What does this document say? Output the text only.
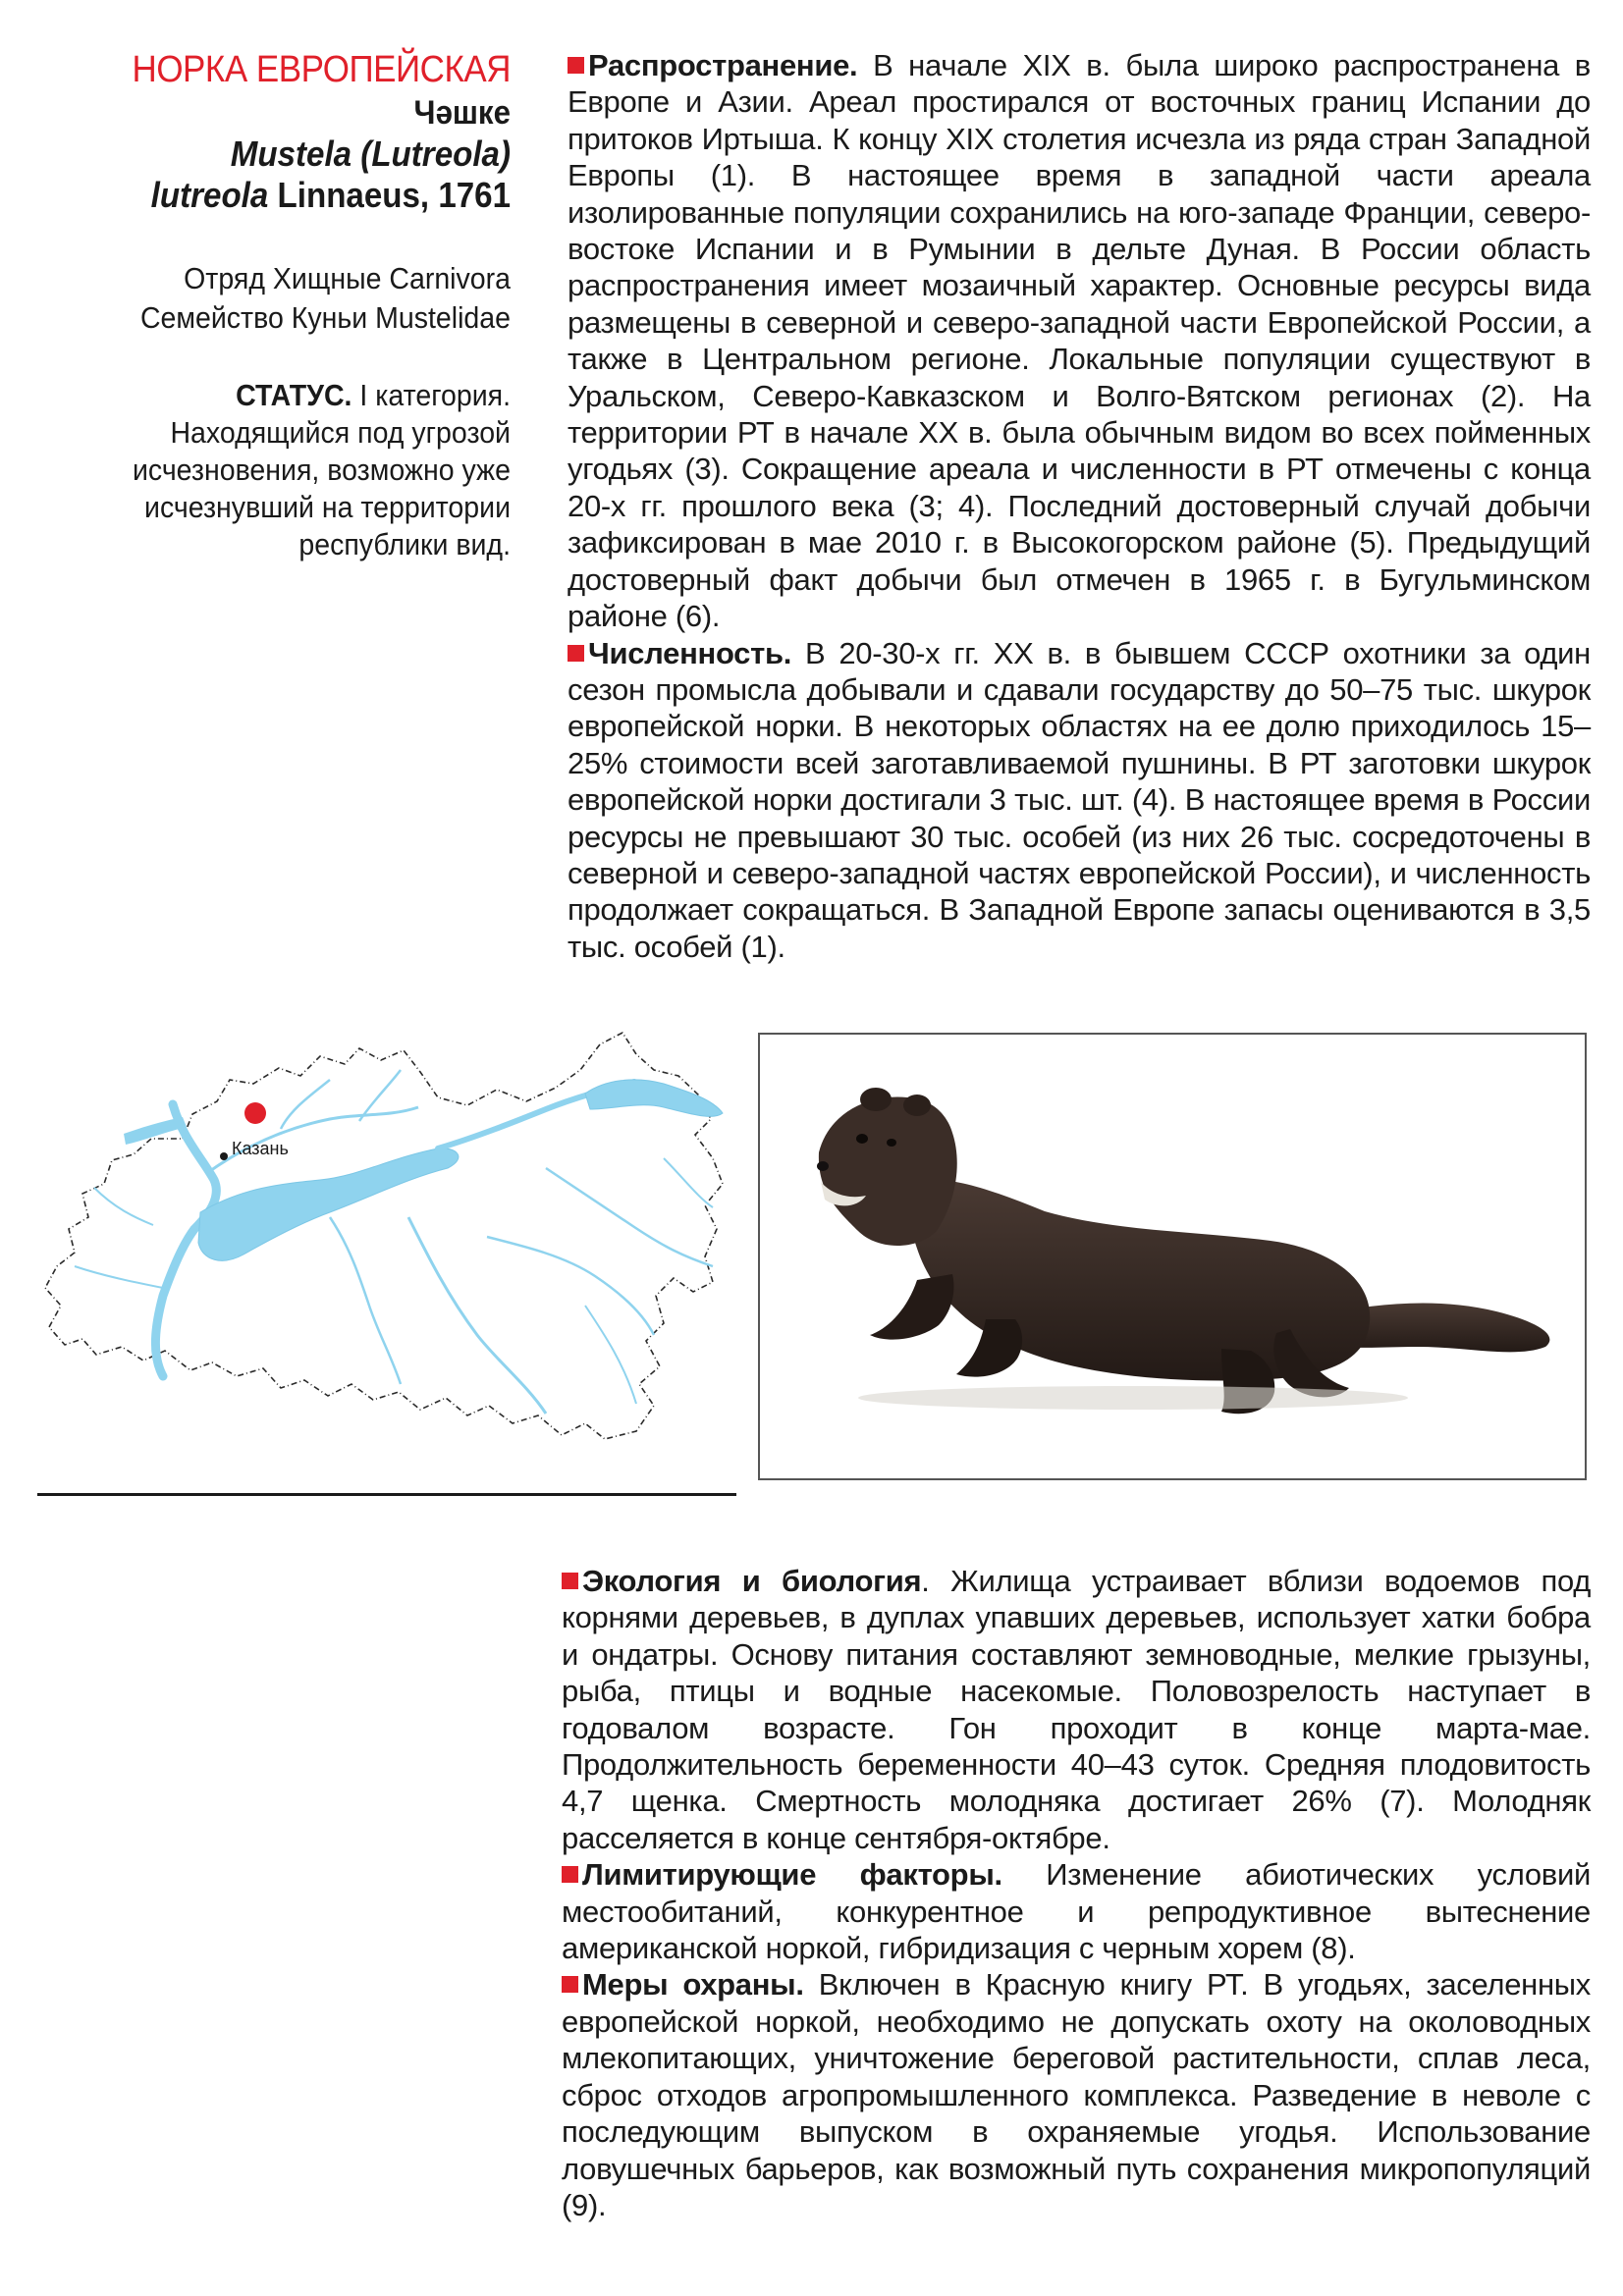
НОРКА ЕВРОПЕЙСКАЯ
Чәшке
Mustela (Lutreola)
lutreola Linnaeus, 1761
Отряд Хищные Carnivora
Семейство Куньи Mustelidae
СТАТУС. I категория.
Находящийся под угрозой исчезновения, возможно уже исчезнувший на территории республики вид.

Распространение. В начале XIX в. была широко распространена в Европе и Азии. Ареал простирался от восточных границ Испании до притоков Иртыша. К концу XIX столетия исчезла из ряда стран Западной Европы (1). В настоящее время в западной части ареала изолированные популяции сохранились на юго-западе Франции, северо-востоке Испании и в Румынии в дельте Дуная. В России область распространения имеет мозаичный характер. Основные ресурсы вида размещены в северной и северо-западной части Европейской России, а также в Центральном регионе. Локальные популяции существуют в Уральском, Северо-Кавказском и Волго-Вятском регионах (2). На территории РТ в начале XX в. была обычным видом во всех пойменных угодьях (3). Сокращение ареала и численности в РТ отмечены с конца 20-х гг. прошлого века (3; 4). Последний достоверный случай добычи зафиксирован в мае 2010 г. в Высокогорском районе (5). Предыдущий достоверный факт добычи был отмечен в 1965 г. в Бугульминском районе (6).

Численность. В 20-30-х гг. XX в. в бывшем СССР охотники за один сезон промысла добывали и сдавали государству до 50–75 тыс. шкурок европейской норки. В некоторых областях на ее долю приходилось 15–25% стоимости всей заготавливаемой пушнины. В РТ заготовки шкурок европейской норки достигали 3 тыс. шт. (4). В настоящее время в России ресурсы не превышают 30 тыс. особей (из них 26 тыс. сосредоточены в северной и северо-западной частях европейской России), и численность продолжает сокращаться. В Западной Европе запасы оцениваются в 3,5 тыс. особей (1).

Казань

Экология и биология. Жилища устраивает вблизи водоемов под корнями деревьев, в дуплах упавших деревьев, использует хатки бобра и ондатры. Основу питания составляют земноводные, мелкие грызуны, рыба, птицы и водные насекомые. Половозрелость наступает в годовалом возрасте. Гон проходит в конце марта-мае. Продолжительность беременности 40–43 суток. Средняя плодовитость 4,7 щенка. Смертность молодняка достигает 26% (7). Молодняк расселяется в конце сентября-октябре.

Лимитирующие факторы. Изменение абиотических условий местообитаний, конкурентное и репродуктивное вытеснение американской норкой, гибридизация с черным хорем (8).

Меры охраны. Включен в Красную книгу РТ. В угодьях, заселенных европейской норкой, необходимо не допускать охоту на околоводных млекопитающих, уничтожение береговой растительности, сплав леса, сброс отходов агропромышленного комплекса. Разведение в неволе с последующим выпуском в охраняемые угодья. Использование ловушечных барьеров, как возможный путь сохранения микропопуляций (9).
